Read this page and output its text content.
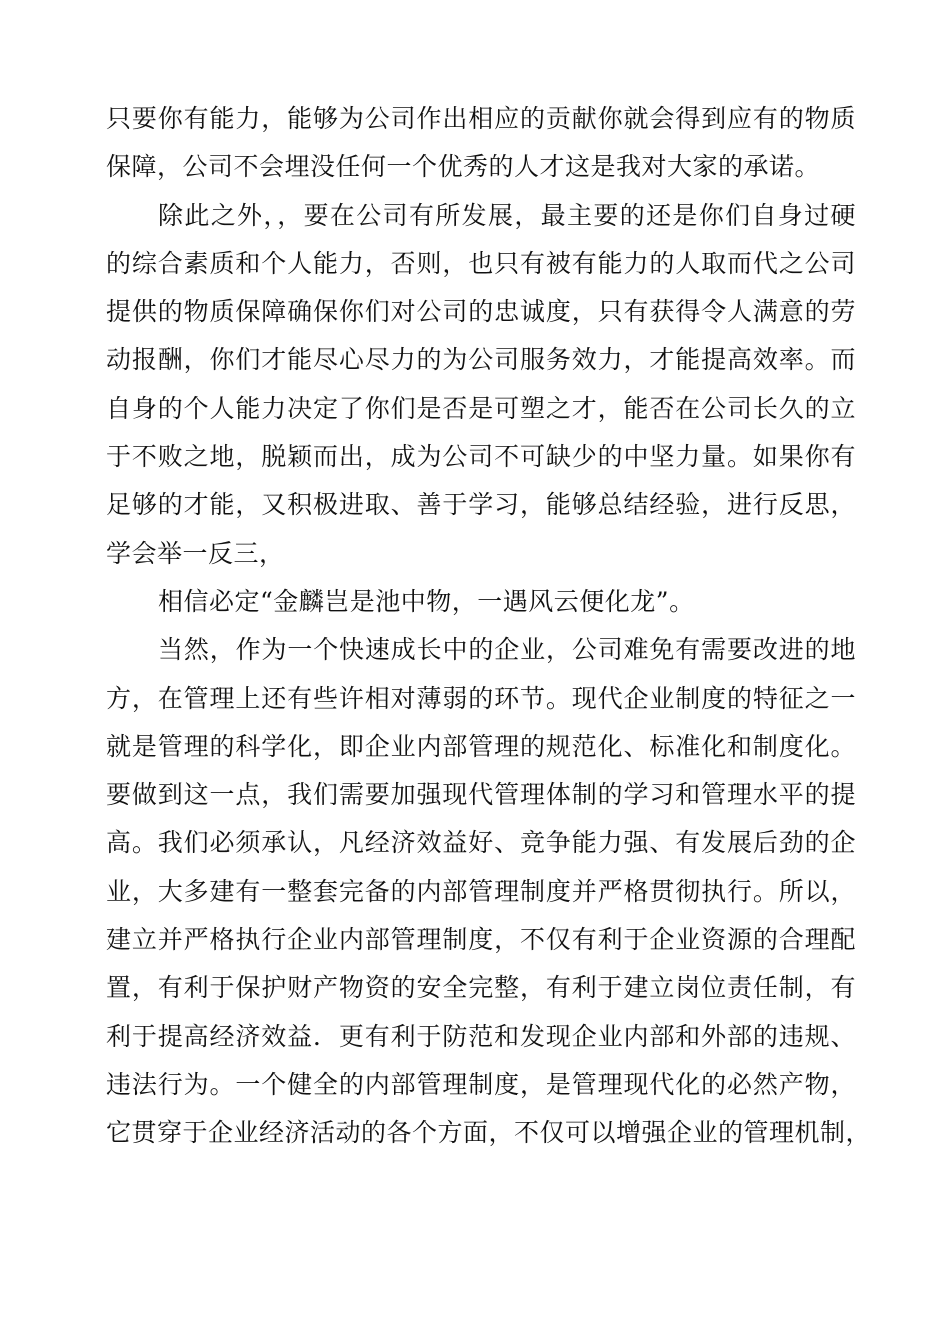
只要你有能力，能够为公司作出相应的贡献你就会得到应有的物质
保障，公司不会埋没任何一个优秀的人才这是我对大家的承诺。
除此之外，，要在公司有所发展，最主要的还是你们自身过硬
的综合素质和个人能力，否则，也只有被有能力的人取而代之公司
提供的物质保障确保你们对公司的忠诚度，只有获得令人满意的劳
动报酬，你们才能尽心尽力的为公司服务效力，才能提高效率。而
自身的个人能力决定了你们是否是可塑之才，能否在公司长久的立
于不败之地，脱颖而出，成为公司不可缺少的中坚力量。如果你有
足够的才能，又积极进取、善于学习，能够总结经验，进行反思，
学会举一反三，
相信必定“金麟岂是池中物，一遇风云便化龙”。
当然，作为一个快速成长中的企业，公司难免有需要改进的地
方，在管理上还有些许相对薄弱的环节。现代企业制度的特征之一
就是管理的科学化，即企业内部管理的规范化、标准化和制度化。
要做到这一点，我们需要加强现代管理体制的学习和管理水平的提
高。我们必须承认，凡经济效益好、竞争能力强、有发展后劲的企
业，大多建有一整套完备的内部管理制度并严格贯彻执行。所以，
建立并严格执行企业内部管理制度，不仅有利于企业资源的合理配
置，有利于保护财产物资的安全完整，有利于建立岗位责任制，有
利于提高经济效益．更有利于防范和发现企业内部和外部的违规、
违法行为。一个健全的内部管理制度，是管理现代化的必然产物，
它贯穿于企业经济活动的各个方面，不仅可以增强企业的管理机制，
